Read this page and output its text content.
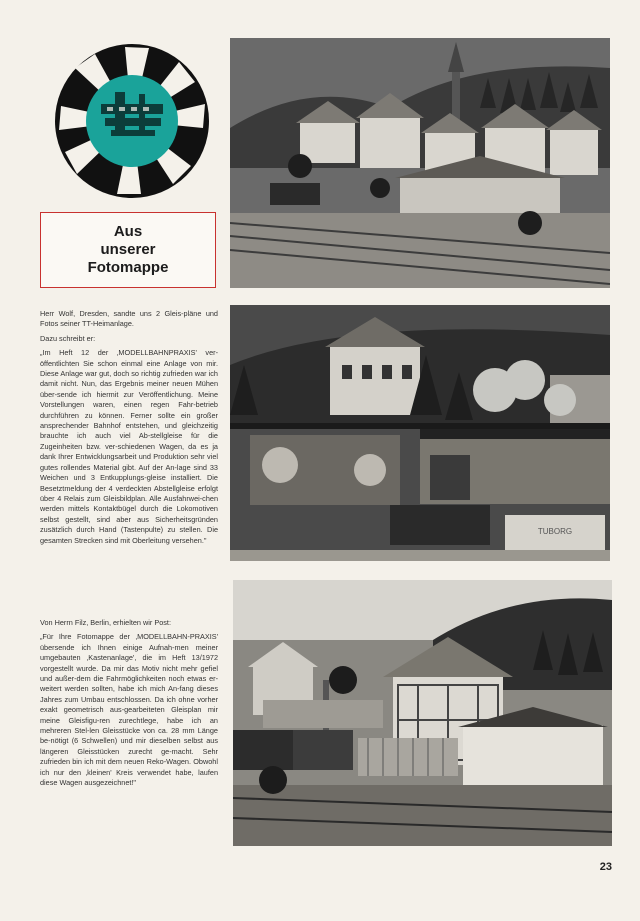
Aus
unserer
Fotomappe
TUBORG

Herr Wolf, Dresden, sandte uns 2 Gleis-pläne und Fotos seiner TT-Heimanlage.

Dazu schreibt er:

„Im Heft 12 der ‚MODELLBAHNPRAXIS' ver-öffentlichten Sie schon einmal eine Anlage von mir. Diese Anlage war gut, doch so richtig zufrieden war ich damit nicht. Nun, das Ergebnis meiner neuen Mühen über-sende ich hiermit zur Veröffentlichung. Meine Vorstellungen waren, einen regen Fahr-betrieb durchführen zu können. Ferner sollte ein großer ansprechender Bahnhof entstehen, und gleichzeitig brauchte ich auch viel Ab-stellgleise für die Zugeinheiten bzw. ver-schiedenen Wagen, da es ja dank Ihrer Entwicklungsarbeit und Produktion sehr viel gutes rollendes Material gibt. Auf der An-lage sind 33 Weichen und 3 Entkupplungs-gleise installiert. Die Besetztmeldung der 4 verdeckten Abstellgleise erfolgt über 4 Relais zum Gleisbildplan. Alle Ausfahrwei-chen werden mittels Kontaktbügel durch die Lokomotiven selbst gestellt, sind aber aus Sicherheitsgründen zusätzlich durch Hand (Tastenpulte) zu stellen. Die gesamten Strecken sind mit Oberleitung versehen."

Von Herrn Filz, Berlin, erhielten wir Post:

„Für Ihre Fotomappe der ‚MODELLBAHN-PRAXIS' übersende ich Ihnen einige Aufnah-men meiner umgebauten ‚Kastenanlage', die im Heft 13/1972 vorgestellt wurde. Da mir das Motiv nicht mehr gefiel und außer-dem die Fahrmöglichkeiten noch etwas er-weitert werden sollten, habe ich mich An-fang dieses Jahres zum Umbau entschlossen. Da ich ohne vorher exakt geometrisch aus-gearbeiteten Gleisplan mir meine Gleisfigu-ren zurechtlege, habe ich an mehreren Stel-len Gleisstücke von ca. 28 mm Länge be-nötigt (6 Schwellen) und mir dieselben selbst aus längeren Gleisstücken zurecht ge-macht. Sehr zufrieden bin ich mit dem neuen Reko-Wagen. Obwohl ich nur den ‚kleinen' Kreis verwendet habe, laufen diese Wagen ausgezeichnet!"

23
